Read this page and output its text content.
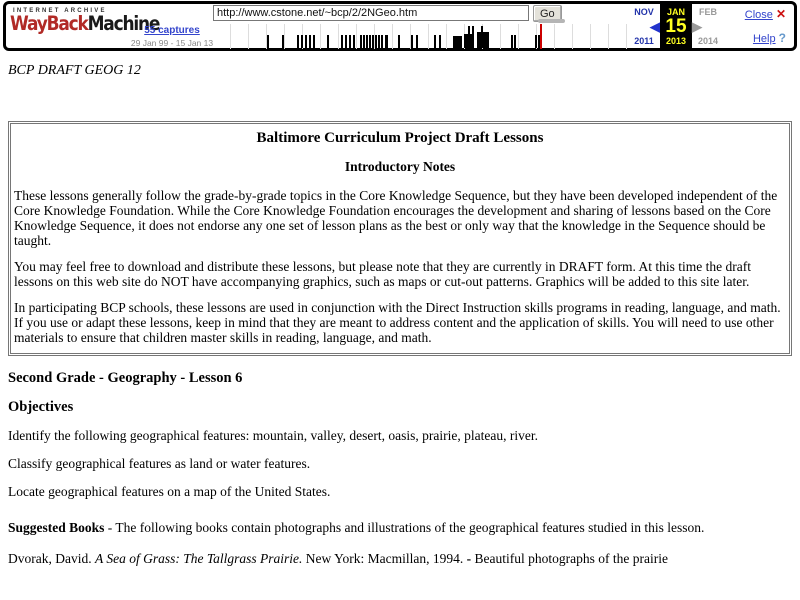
INTERNET ARCHIVE
WayBackMachine
55 captures
29 Jan 99 - 15 Jan 13
http://www.cstone.net/~bcp/2/2NGeo.htm
Go	NOV
◀
2011
JAN
15
2013
FEB
▶
2014
Close ✕
Help ?

BCP DRAFT GEOG 12

Baltimore Curriculum Project Draft Lessons

Introductory Notes

These lessons generally follow the grade-by-grade topics in the Core Knowledge Sequence, but they have been developed independent of the Core Knowledge Foundation. While the Core Knowledge Foundation encourages the development and sharing of lessons based on the Core Knowledge Sequence, it does not endorse any one set of lesson plans as the best or only way that the knowledge in the Sequence should be taught.

You may feel free to download and distribute these lessons, but please note that they are currently in DRAFT form. At this time the draft lessons on this web site do NOT have accompanying graphics, such as maps or cut-out patterns. Graphics will be added to this site later.

In participating BCP schools, these lessons are used in conjunction with the Direct Instruction skills programs in reading, language, and math. If you use or adapt these lessons, keep in mind that they are meant to address content and the application of skills. You will need to use other materials to ensure that children master skills in reading, language, and math.

Second Grade - Geography - Lesson 6

Objectives

Identify the following geographical features: mountain, valley, desert, oasis, prairie, plateau, river.

Classify geographical features as land or water features.

Locate geographical features on a map of the United States.

Suggested Books - The following books contain photographs and illustrations of the geographical features studied in this lesson.

Dvorak, David. A Sea of Grass: The Tallgrass Prairie. New York: Macmillan, 1994. - Beautiful photographs of the prairie
